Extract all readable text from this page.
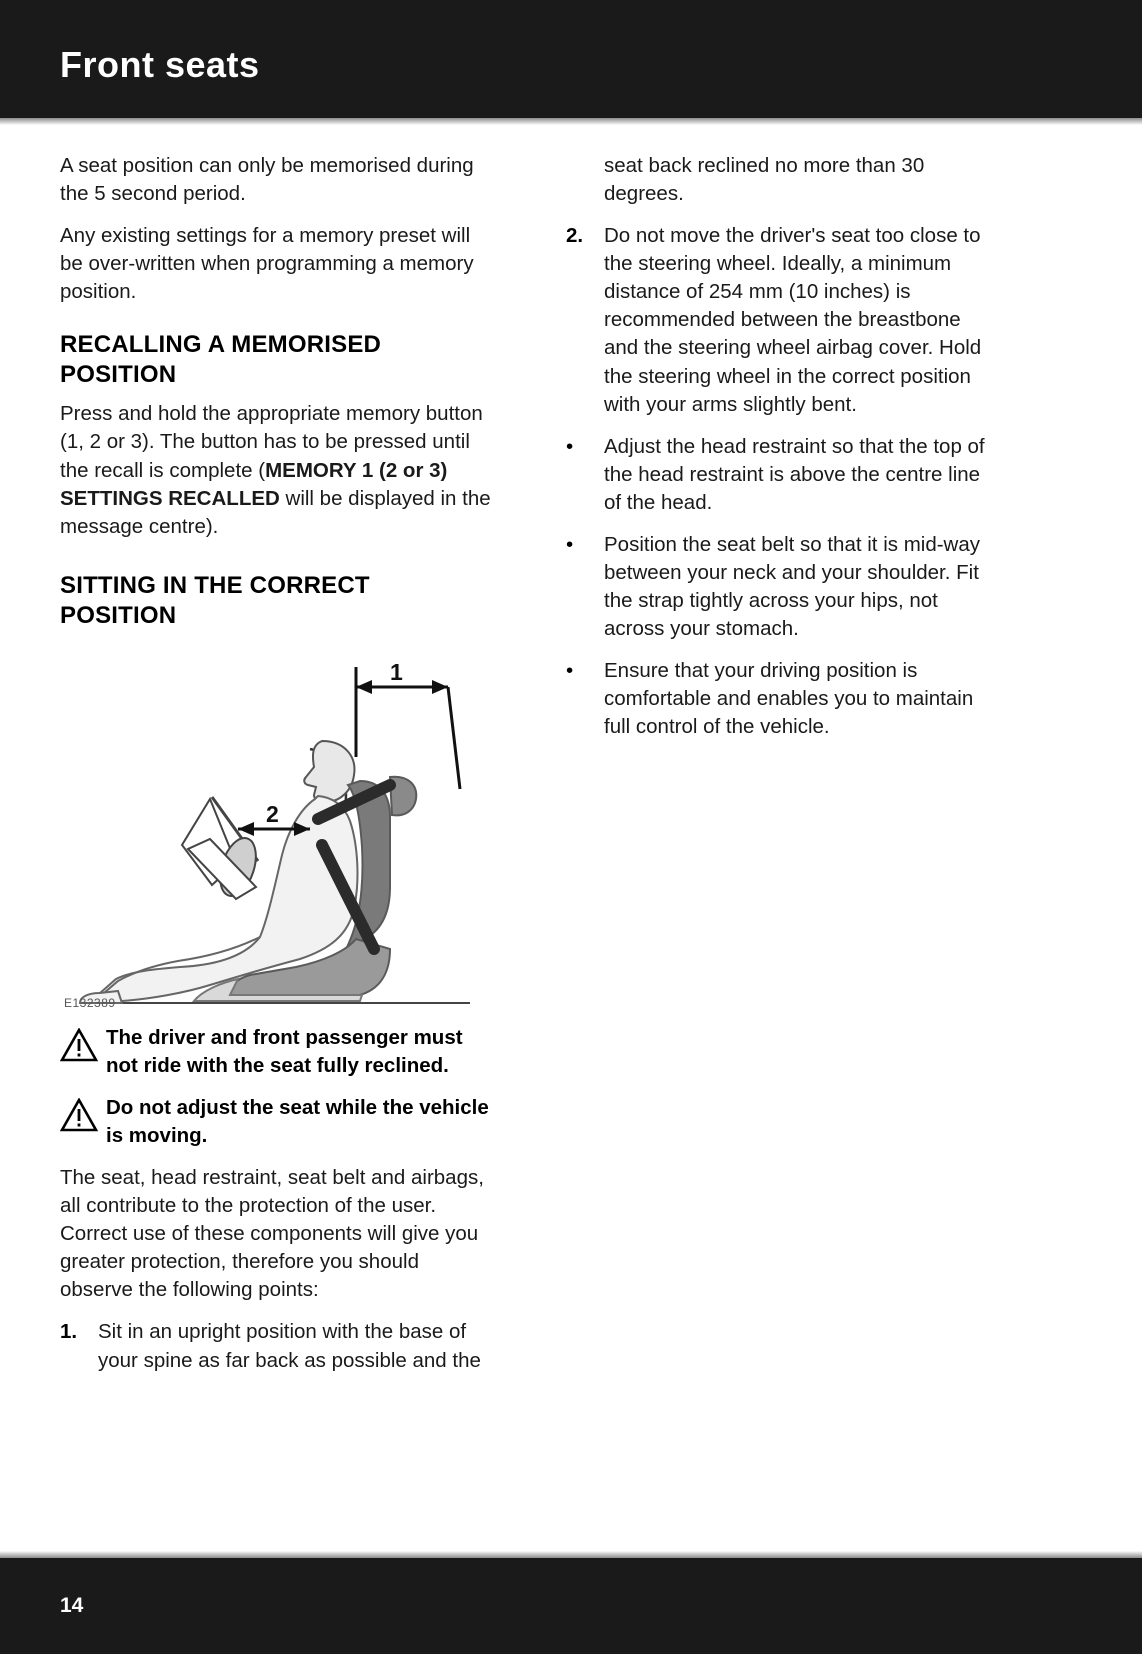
Front seats

A seat position can only be memorised during the 5 second period.

Any existing settings for a memory preset will be over-written when programming a memory position.

RECALLING A MEMORISED POSITION

Press and hold the appropriate memory button (1, 2 or 3). The button has to be pressed until the recall is complete (MEMORY 1 (2 or 3) SETTINGS RECALLED will be displayed in the message centre).

SITTING IN THE CORRECT POSITION
1
2
E132389
The driver and front passenger must not ride with the seat fully reclined.
Do not adjust the seat while the vehicle is moving.

The seat, head restraint, seat belt and airbags, all contribute to the protection of the user. Correct use of these components will give you greater protection, therefore you should observe the following points:

1.	Sit in an upright position with the base of your spine as far back as possible and the

seat back reclined no more than 30 degrees.

2.	Do not move the driver's seat too close to the steering wheel. Ideally, a minimum distance of 254 mm (10 inches) is recommended between the breastbone and the steering wheel airbag cover. Hold the steering wheel in the correct position with your arms slightly bent.
•	Adjust the head restraint so that the top of the head restraint is above the centre line of the head.
•	Position the seat belt so that it is mid-way between your neck and your shoulder. Fit the strap tightly across your hips, not across your stomach.
•	Ensure that your driving position is comfortable and enables you to maintain full control of the vehicle.
14
